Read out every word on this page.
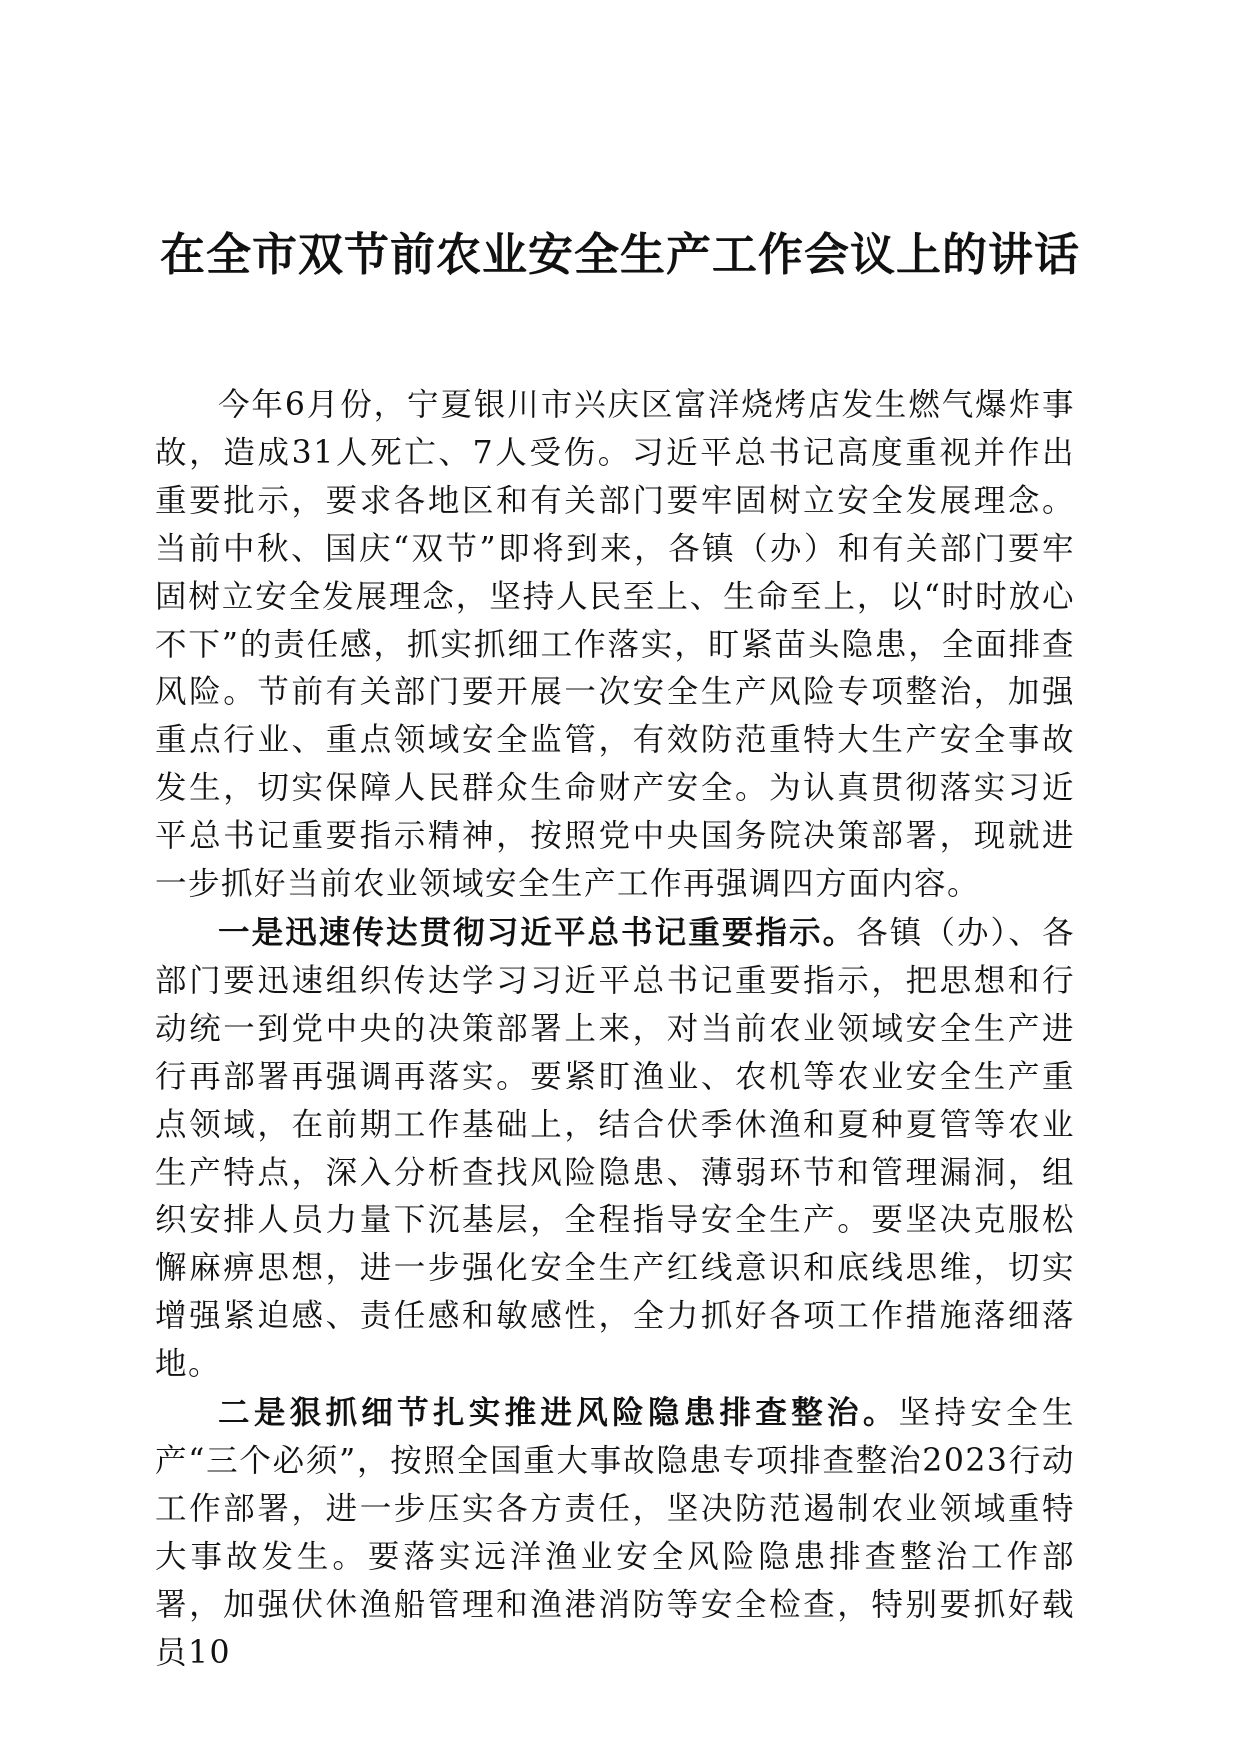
在全市双节前农业安全生产工作会议上的讲话

今年6月份，宁夏银川市兴庆区富洋烧烤店发生燃气爆炸事故，造成31人死亡、7人受伤。习近平总书记高度重视并作出重要批示，要求各地区和有关部门要牢固树立安全发展理念。当前中秋、国庆“双节”即将到来，各镇（办）和有关部门要牢固树立安全发展理念，坚持人民至上、生命至上，以“时时放心不下”的责任感，抓实抓细工作落实，盯紧苗头隐患，全面排查风险。节前有关部门要开展一次安全生产风险专项整治，加强重点行业、重点领域安全监管，有效防范重特大生产安全事故发生，切实保障人民群众生命财产安全。为认真贯彻落实习近平总书记重要指示精神，按照党中央国务院决策部署，现就进一步抓好当前农业领域安全生产工作再强调四方面内容。

一是迅速传达贯彻习近平总书记重要指示。各镇（办）、各部门要迅速组织传达学习习近平总书记重要指示，把思想和行动统一到党中央的决策部署上来，对当前农业领域安全生产进行再部署再强调再落实。要紧盯渔业、农机等农业安全生产重点领域，在前期工作基础上，结合伏季休渔和夏种夏管等农业生产特点，深入分析查找风险隐患、薄弱环节和管理漏洞，组织安排人员力量下沉基层，全程指导安全生产。要坚决克服松懈麻痹思想，进一步强化安全生产红线意识和底线思维，切实增强紧迫感、责任感和敏感性，全力抓好各项工作措施落细落地。

二是狠抓细节扎实推进风险隐患排查整治。坚持安全生产“三个必须”，按照全国重大事故隐患专项排查整治2023行动工作部署，进一步压实各方责任，坚决防范遏制农业领域重特大事故发生。要落实远洋渔业安全风险隐患排查整治工作部署，加强伏休渔船管理和渔港消防等安全检查，特别要抓好载员10
